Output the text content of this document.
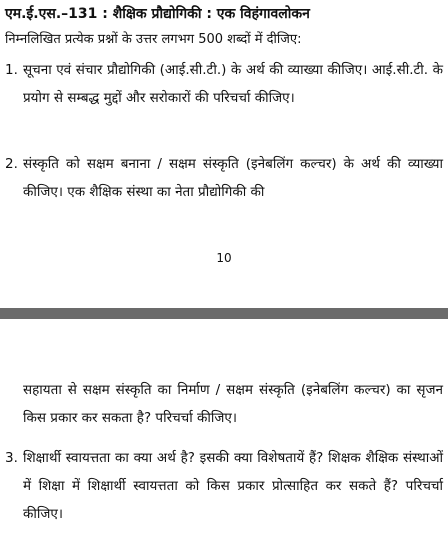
एम.ई.एस.–131 : शैक्षिक प्रौद्योगिकी : एक विहंगावलोकन
निम्नलिखित प्रत्येक प्रश्नों के उत्तर लगभग 500 शब्दों में दीजिए:
1. सूचना एवं संचार प्रौद्योगिकी (आई.सी.टी.) के अर्थ की व्याख्या कीजिए। आई.सी.टी. के प्रयोग से सम्बद्ध मुद्दों और सरोकारों की परिचर्चा कीजिए।
2. संस्कृति को सक्षम बनाना / सक्षम संस्कृति (इनेबलिंग कल्चर) के अर्थ की व्याख्या कीजिए। एक शैक्षिक संस्था का नेता प्रौद्योगिकी की
10
सहायता से सक्षम संस्कृति का निर्माण / सक्षम संस्कृति (इनेबलिंग कल्चर) का सृजन किस प्रकार कर सकता है? परिचर्चा कीजिए।
3. शिक्षार्थी स्वायत्तता का क्या अर्थ है? इसकी क्या विशेषतायें हैं? शिक्षक शैक्षिक संस्थाओं में शिक्षा में शिक्षार्थी स्वायत्तता को किस प्रकार प्रोत्साहित कर सकते हैं? परिचर्चा कीजिए।
